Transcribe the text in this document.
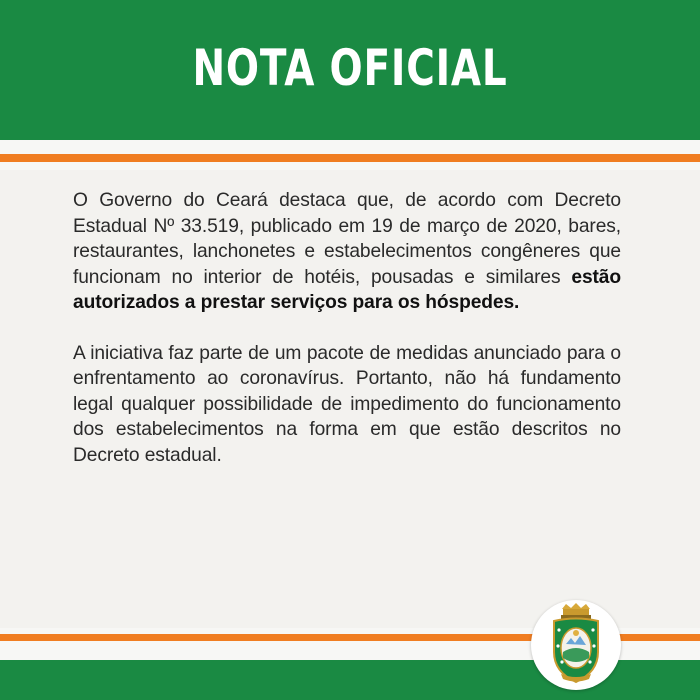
NOTA OFICIAL

O Governo do Ceará destaca que, de acordo com Decreto Estadual Nº 33.519, publicado em 19 de março de 2020, bares, restaurantes, lanchonetes e estabelecimentos congêneres que funcionam no interior de hotéis, pousadas e similares estão autorizados a prestar serviços para os hóspedes.

A iniciativa faz parte de um pacote de medidas anunciado para o enfrentamento ao coronavírus. Portanto, não há fundamento legal qualquer possibilidade de impedimento do funcionamento dos estabelecimentos na forma em que estão descritos no Decreto estadual.
